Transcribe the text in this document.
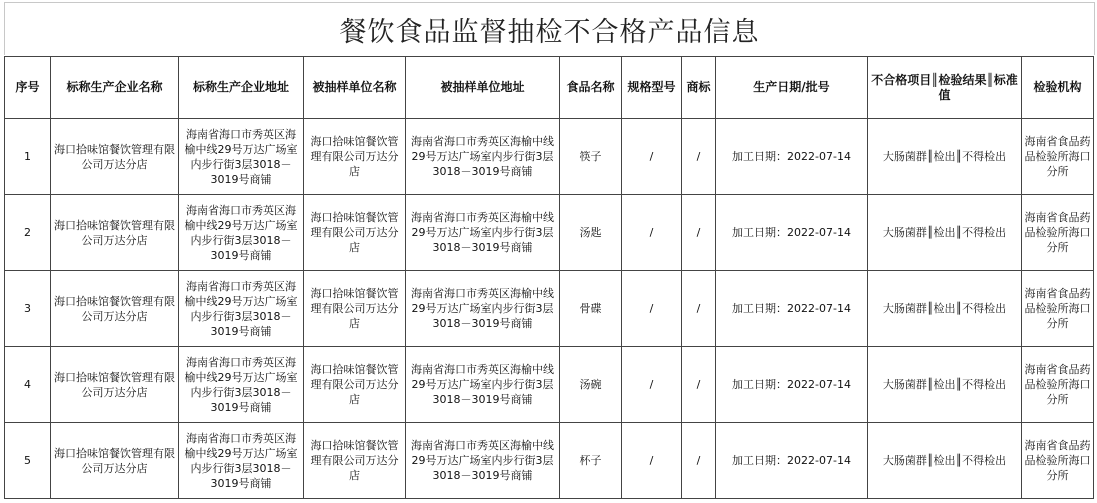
餐饮食品监督抽检不合格产品信息
序号	标称生产企业名称	标称生产企业地址	被抽样单位名称	被抽样单位地址	食品名称	规格型号	商标	生产日期/批号	不合格项目║检验结果║标准值	检验机构
1	海口拾味馆餐饮管理有限公司万达分店	海南省海口市秀英区海榆中线29号万达广场室内步行街3层3018－3019号商铺	海口拾味馆餐饮管理有限公司万达分店	海南省海口市秀英区海榆中线29号万达广场室内步行街3层3018－3019号商铺	筷子	/	/	加工日期：2022-07-14	大肠菌群║检出║不得检出	海南省食品药品检验所海口分所
2	海口拾味馆餐饮管理有限公司万达分店	海南省海口市秀英区海榆中线29号万达广场室内步行街3层3018－3019号商铺	海口拾味馆餐饮管理有限公司万达分店	海南省海口市秀英区海榆中线29号万达广场室内步行街3层3018－3019号商铺	汤匙	/	/	加工日期：2022-07-14	大肠菌群║检出║不得检出	海南省食品药品检验所海口分所
3	海口拾味馆餐饮管理有限公司万达分店	海南省海口市秀英区海榆中线29号万达广场室内步行街3层3018－3019号商铺	海口拾味馆餐饮管理有限公司万达分店	海南省海口市秀英区海榆中线29号万达广场室内步行街3层3018－3019号商铺	骨碟	/	/	加工日期：2022-07-14	大肠菌群║检出║不得检出	海南省食品药品检验所海口分所
4	海口拾味馆餐饮管理有限公司万达分店	海南省海口市秀英区海榆中线29号万达广场室内步行街3层3018－3019号商铺	海口拾味馆餐饮管理有限公司万达分店	海南省海口市秀英区海榆中线29号万达广场室内步行街3层3018－3019号商铺	汤碗	/	/	加工日期：2022-07-14	大肠菌群║检出║不得检出	海南省食品药品检验所海口分所
5	海口拾味馆餐饮管理有限公司万达分店	海南省海口市秀英区海榆中线29号万达广场室内步行街3层3018－3019号商铺	海口拾味馆餐饮管理有限公司万达分店	海南省海口市秀英区海榆中线29号万达广场室内步行街3层3018－3019号商铺	杯子	/	/	加工日期：2022-07-14	大肠菌群║检出║不得检出	海南省食品药品检验所海口分所
